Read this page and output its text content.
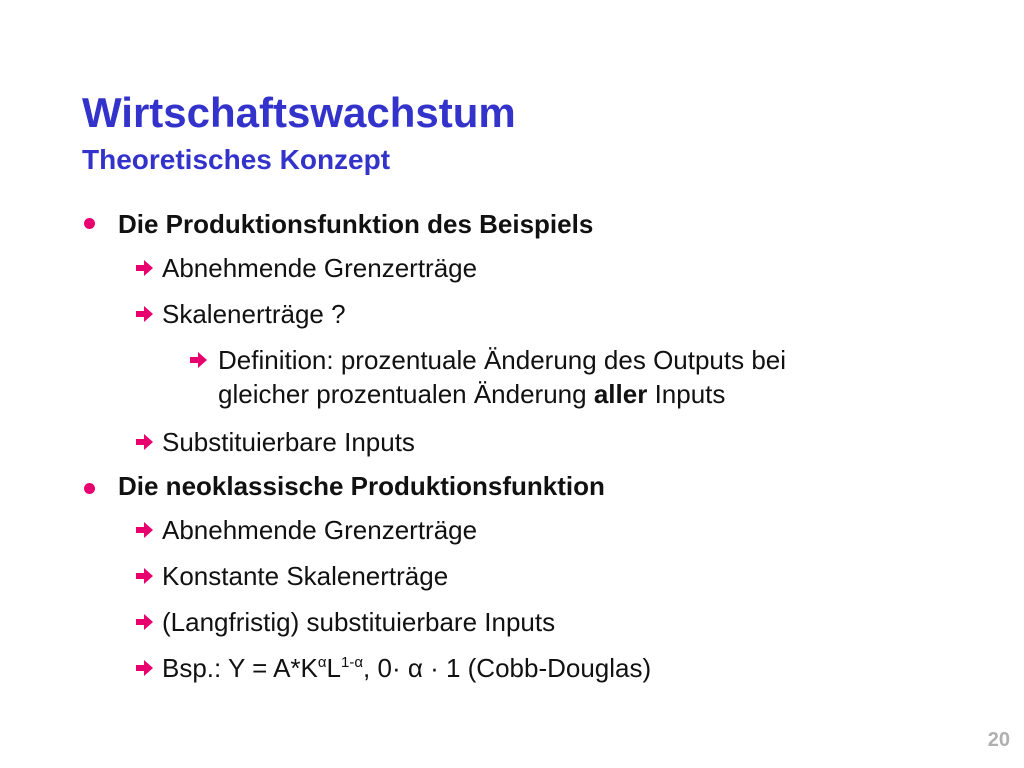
Wirtschaftswachstum
Theoretisches Konzept
Die Produktionsfunktion des Beispiels
Abnehmende Grenzerträge
Skalenerträge ?
Definition: prozentuale Änderung des Outputs bei
gleicher prozentualen Änderung aller Inputs
Substituierbare Inputs
Die neoklassische Produktionsfunktion
Abnehmende Grenzerträge
Konstante Skalenerträge
(Langfristig) substituierbare Inputs
Bsp.: $Y = A*K^\alpha L^{1-\alpha}$, 0· α · 1 (Cobb-Douglas)
20
